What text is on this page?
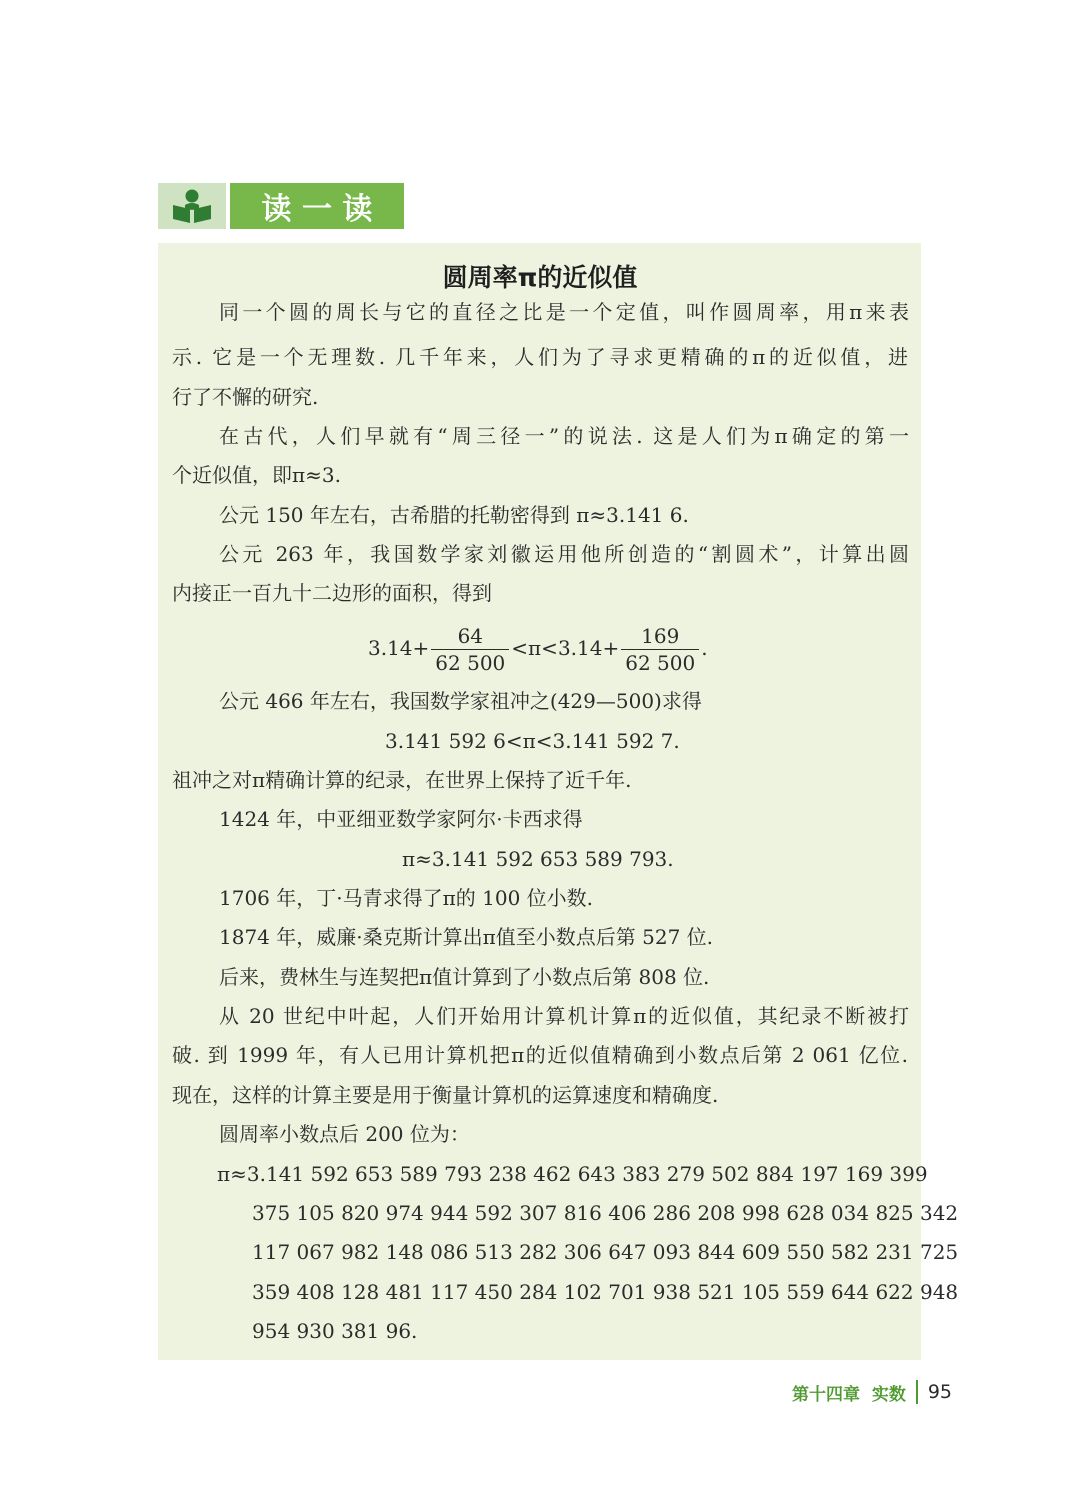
读 一 读
圆周率π的近似值
同一个圆的周长与它的直径之比是一个定值，叫作圆周率，用π来表
示. 它是一个无理数. 几千年来，人们为了寻求更精确的π的近似值，进
行了不懈的研究.
在古代，人们早就有“周三径一”的说法. 这是人们为π确定的第一
个近似值，即π≈3.
公元 150 年左右，古希腊的托勒密得到 π≈3.141 6.
公元 263 年，我国数学家刘徽运用他所创造的“割圆术”，计算出圆
内接正一百九十二边形的面积，得到
$3.14+ \frac{64}{62 500} <\pi<3.14+ \frac{169}{62 500}$ .
公元 466 年左右，我国数学家祖冲之(429—500)求得
3.141 592 6<π<3.141 592 7.
祖冲之对π精确计算的纪录，在世界上保持了近千年.
1424 年，中亚细亚数学家阿尔·卡西求得
π≈3.141 592 653 589 793.
1706 年，丁·马青求得了π的 100 位小数.
1874 年，威廉·桑克斯计算出π值至小数点后第 527 位.
后来，费林生与连契把π值计算到了小数点后第 808 位.
从 20 世纪中叶起，人们开始用计算机计算π的近似值，其纪录不断被打
破. 到 1999 年，有人已用计算机把π的近似值精确到小数点后第 2 061 亿位.
现在，这样的计算主要是用于衡量计算机的运算速度和精确度.
圆周率小数点后 200 位为：
π≈3.141 592 653 589 793 238 462 643 383 279 502 884 197 169 399
375 105 820 974 944 592 307 816 406 286 208 998 628 034 825 342
117 067 982 148 086 513 282 306 647 093 844 609 550 582 231 725
359 408 128 481 117 450 284 102 701 938 521 105 559 644 622 948
954 930 381 96.
第十四章  实数 95
